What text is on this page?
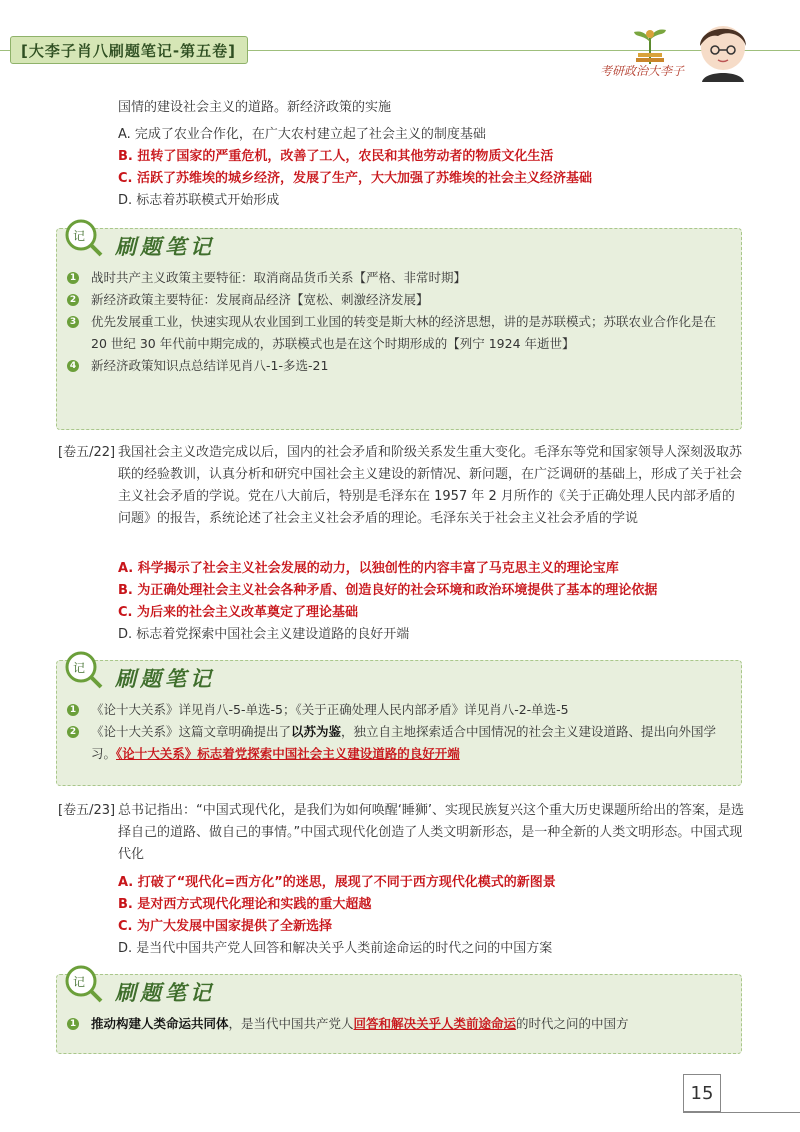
[大李子肖八刷题笔记-第五卷]
考研政治大李子
国情的建设社会主义的道路。新经济政策的实施
A. 完成了农业合作化，在广大农村建立起了社会主义的制度基础
B. 扭转了国家的严重危机，改善了工人，农民和其他劳动者的物质文化生活
C. 活跃了苏维埃的城乡经济，发展了生产，大大加强了苏维埃的社会主义经济基础
D. 标志着苏联模式开始形成
记 刷题笔记
1 战时共产主义政策主要特征：取消商品货币关系【严格、非常时期】
2 新经济政策主要特征：发展商品经济【宽松、刺激经济发展】
3 优先发展重工业，快速实现从农业国到工业国的转变是斯大林的经济思想，讲的是苏联模式；苏联农业合作化是在 20 世纪 30 年代前中期完成的，苏联模式也是在这个时期形成的【列宁 1924 年逝世】
4 新经济政策知识点总结详见肖八-1-多选-21
[卷五/22] 我国社会主义改造完成以后，国内的社会矛盾和阶级关系发生重大变化。毛泽东等党和国家领导人深刻汲取苏联的经验教训，认真分析和研究中国社会主义建设的新情况、新问题，在广泛调研的基础上，形成了关于社会主义社会矛盾的学说。党在八大前后，特别是毛泽东在 1957 年 2 月所作的《关于正确处理人民内部矛盾的问题》的报告，系统论述了社会主义社会矛盾的理论。毛泽东关于社会主义社会矛盾的学说
A. 科学揭示了社会主义社会发展的动力，以独创性的内容丰富了马克思主义的理论宝库
B. 为正确处理社会主义社会各种矛盾、创造良好的社会环境和政治环境提供了基本的理论依据
C. 为后来的社会主义改革奠定了理论基础
D. 标志着党探索中国社会主义建设道路的良好开端
记 刷题笔记
1 《论十大关系》详见肖八-5-单选-5；《关于正确处理人民内部矛盾》详见肖八-2-单选-5
2 《论十大关系》这篇文章明确提出了以苏为鉴，独立自主地探索适合中国情况的社会主义建设道路、提出向外国学习。《论十大关系》标志着党探索中国社会主义建设道路的良好开端
[卷五/23] 总书记指出：“中国式现代化，是我们为如何唤醒‘睡狮’、实现民族复兴这个重大历史课题所给出的答案，是选择自己的道路、做自己的事情。”中国式现代化创造了人类文明新形态，是一种全新的人类文明形态。中国式现代化
A. 打破了“现代化=西方化”的迷思，展现了不同于西方现代化模式的新图景
B. 是对西方式现代化理论和实践的重大超越
C. 为广大发展中国家提供了全新选择
D. 是当代中国共产党人回答和解决关乎人类前途命运的时代之问的中国方案
记 刷题笔记
1 推动构建人类命运共同体，是当代中国共产党人回答和解决关乎人类前途命运的时代之问的中国方
15
